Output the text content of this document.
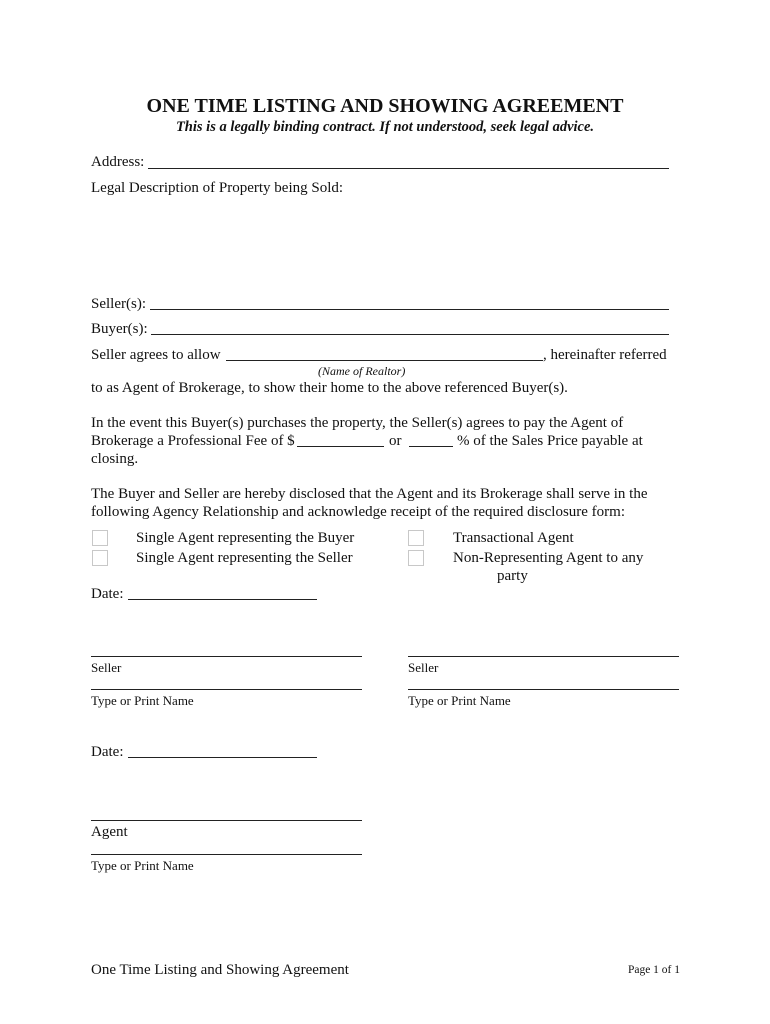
ONE TIME LISTING AND SHOWING AGREEMENT
This is a legally binding contract. If not understood, seek legal advice.
Address:
Legal Description of Property being Sold:
Seller(s):
Buyer(s):
Seller agrees to allow	, hereinafter referred
(Name of Realtor)
to as Agent of Brokerage, to show their home to the above referenced Buyer(s).
In the event this Buyer(s) purchases the property, the Seller(s) agrees to pay the Agent of
Brokerage a Professional Fee of $	or	% of the Sales Price payable at
closing.
The Buyer and Seller are hereby disclosed that the Agent and its Brokerage shall serve in the
following Agency Relationship and acknowledge receipt of the required disclosure form:
Single Agent representing the Buyer
Single Agent representing the Seller
Transactional Agent
Non-Representing Agent to any
party
Date:
Seller
Type or Print Name
Seller
Type or Print Name
Date:
Agent
Type or Print Name
One Time Listing and Showing Agreement	Page 1 of 1
